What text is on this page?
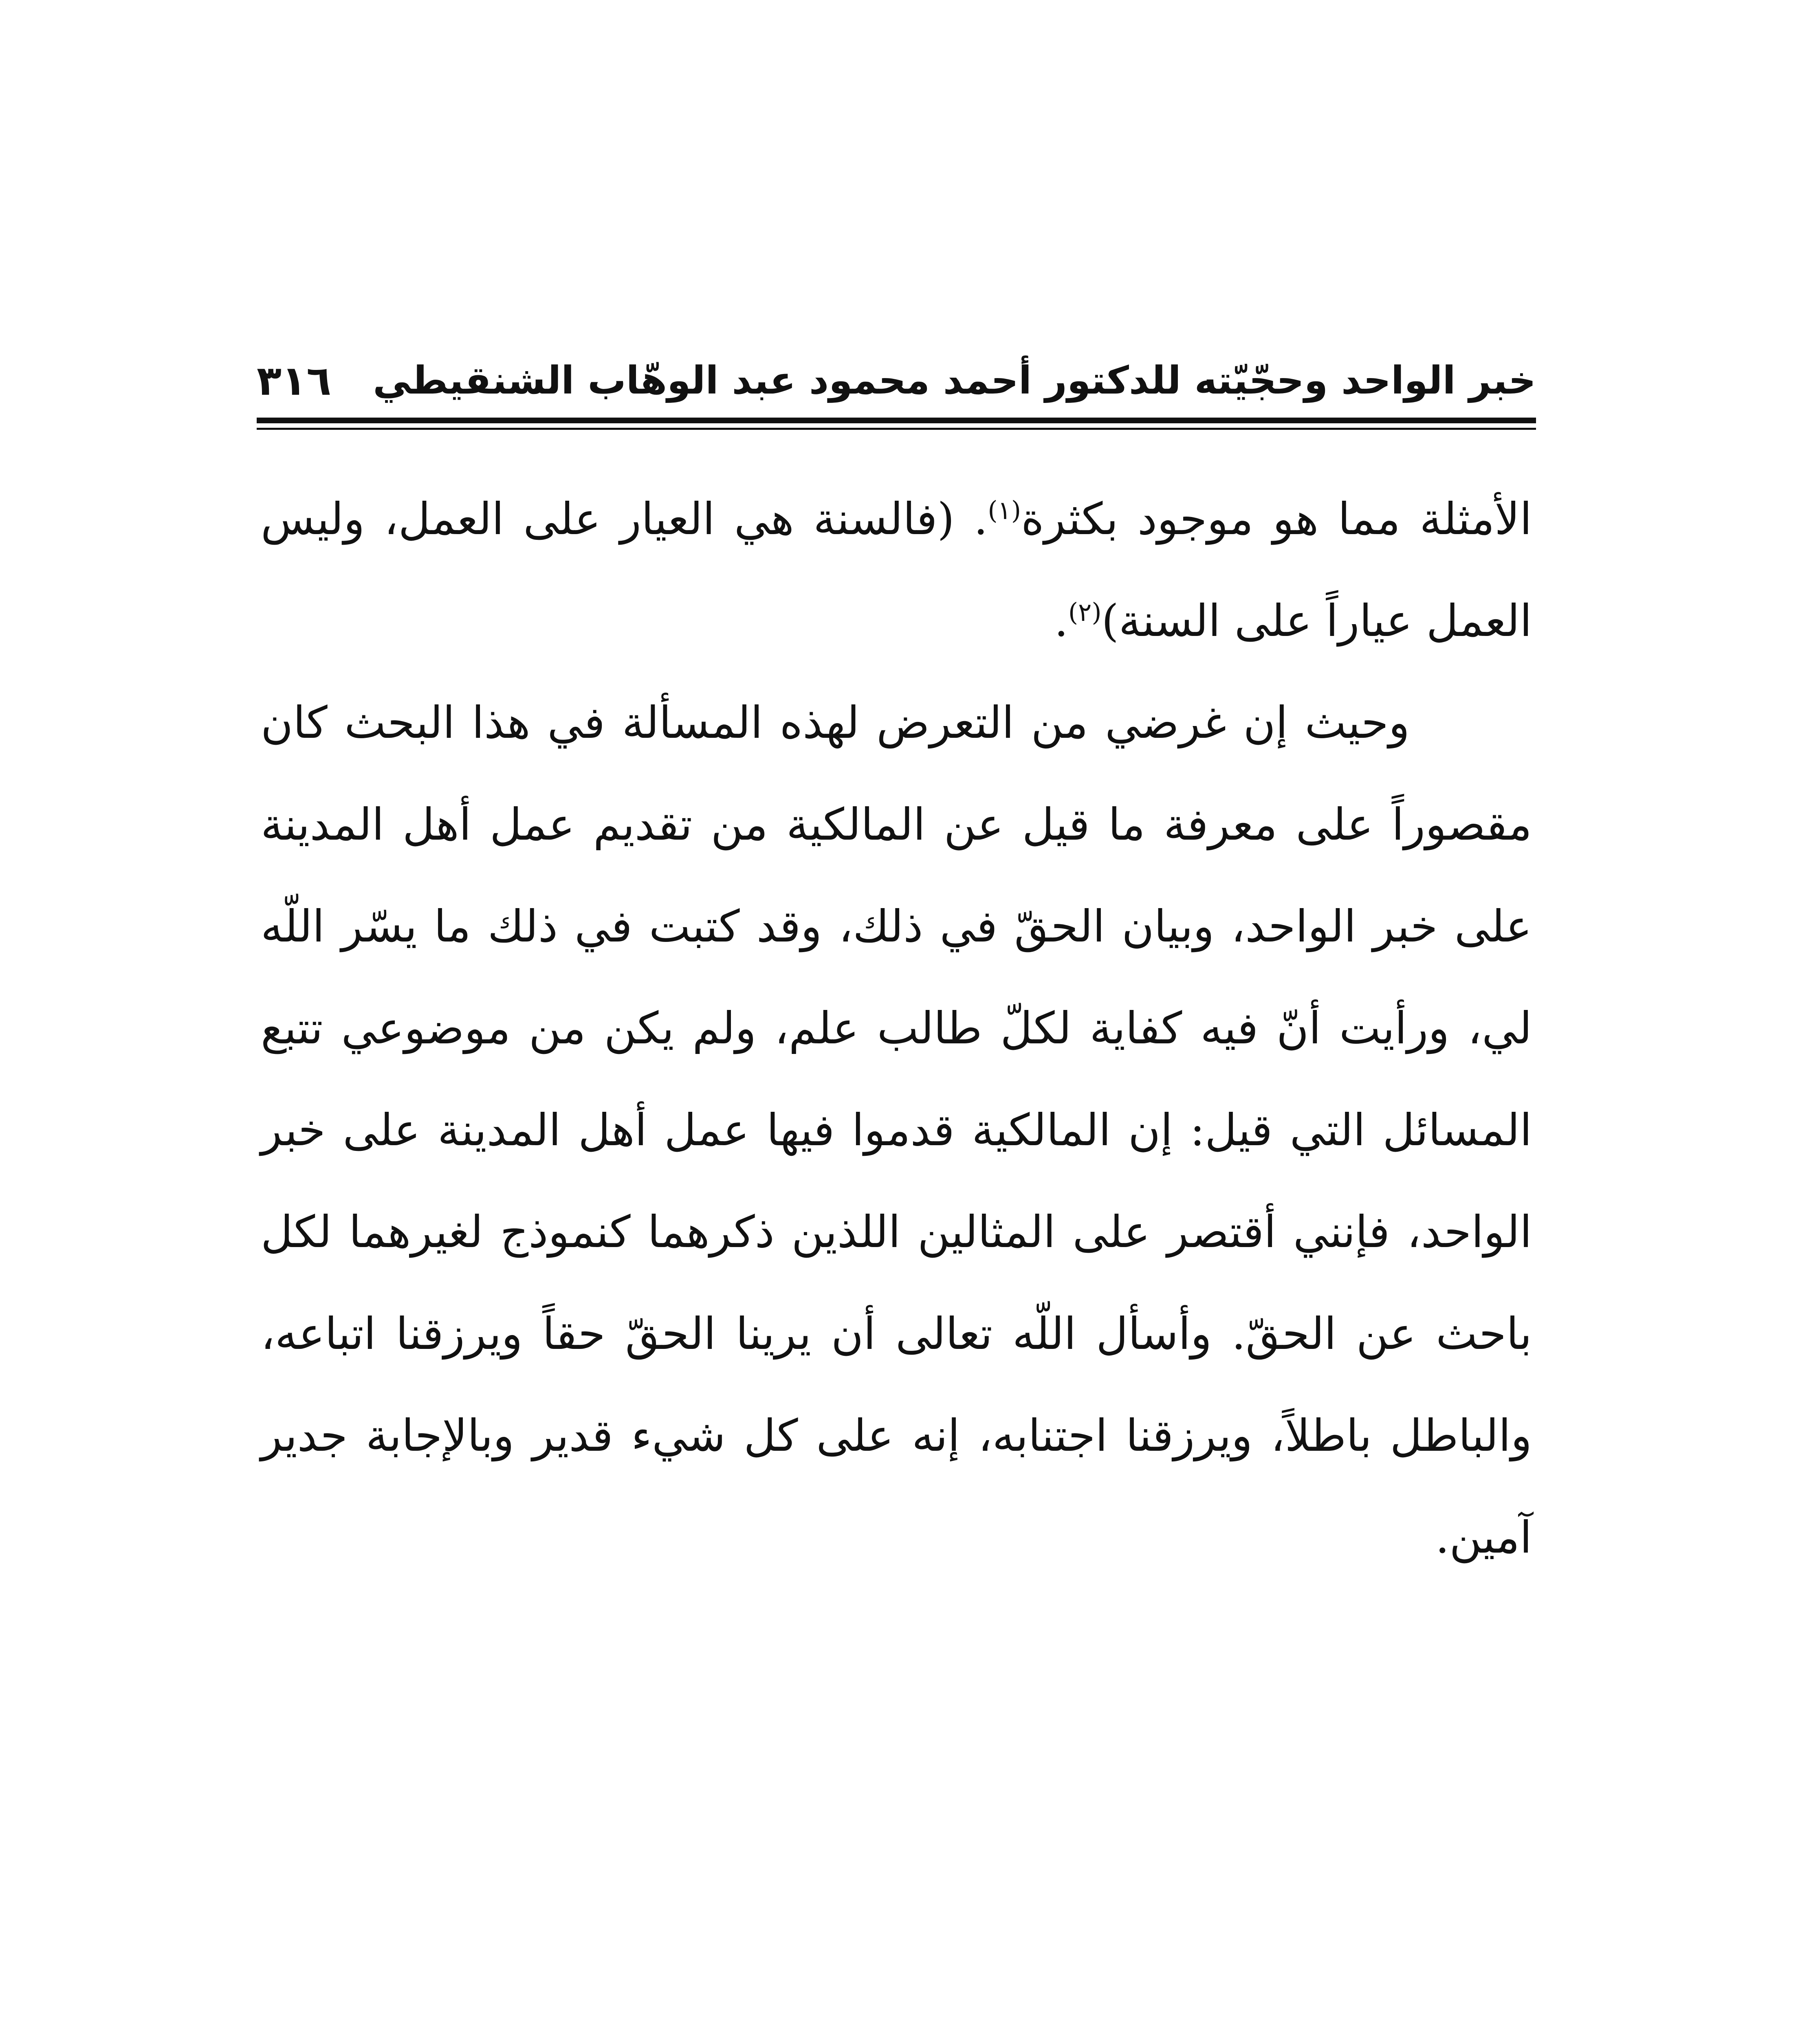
خبر الواحد وحجّيّته للدكتور أحمد محمود عبد الوهّاب الشنقيطي
٣١٦

الأمثلة مما هو موجود بكثرة$^{(١)}$. (فالسنة هي العيار على العمل، وليس العمل عياراً على السنة)$^{(٢)}$.

وحيث إن غرضي من التعرض لهذه المسألة في هذا البحث كان مقصوراً على معرفة ما قيل عن المالكية من تقديم عمل أهل المدينة على خبر الواحد، وبيان الحقّ في ذلك، وقد كتبت في ذلك ما يسّر اللّه لي، ورأيت أنّ فيه كفاية لكلّ طالب علم، ولم يكن من موضوعي تتبع المسائل التي قيل: إن المالكية قدموا فيها عمل أهل المدينة على خبر الواحد، فإنني أقتصر على المثالين اللذين ذكرهما كنموذج لغيرهما لكل باحث عن الحقّ. وأسأل اللّه تعالى أن يرينا الحقّ حقاً ويرزقنا اتباعه، والباطل باطلاً، ويرزقنا اجتنابه، إنه على كل شيء قدير وبالإجابة جدير آمين.
